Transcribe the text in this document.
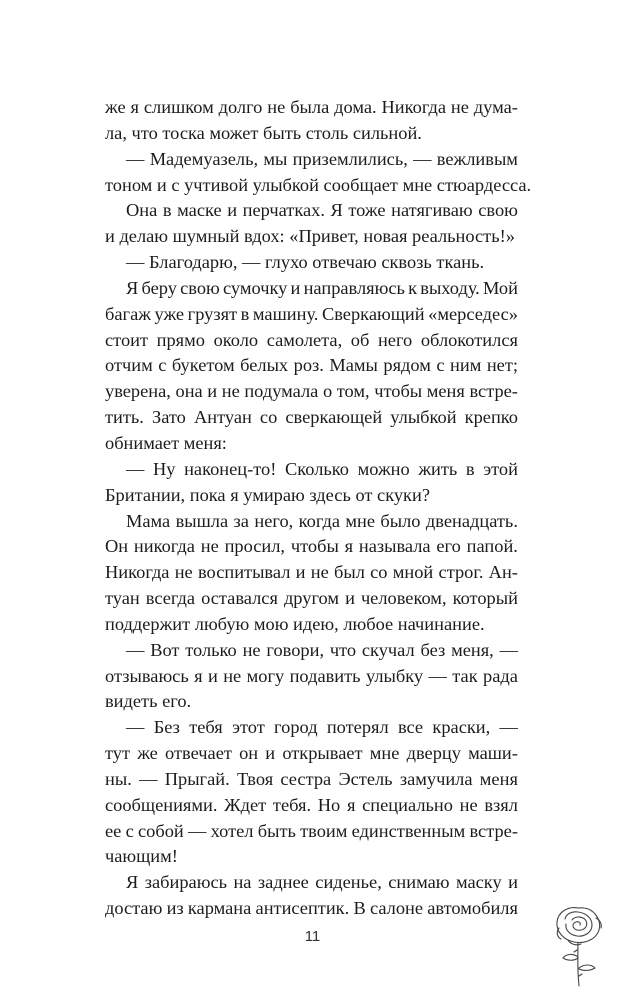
же я слишком долго не была дома. Никогда не дума-
ла, что тоска может быть столь сильной.
— Мадемуазель, мы приземлились, — вежливым
тоном и с учтивой улыбкой сообщает мне стюардесса.
Она в маске и перчатках. Я тоже натягиваю свою
и делаю шумный вдох: «Привет, новая реальность!»
— Благодарю, — глухо отвечаю сквозь ткань.
Я беру свою сумочку и направляюсь к выходу. Мой
багаж уже грузят в машину. Сверкающий «мерседес»
стоит прямо около самолета, об него облокотился
отчим с букетом белых роз. Мамы рядом с ним нет;
уверена, она и не подумала о том, чтобы меня встре-
тить. Зато Антуан со сверкающей улыбкой крепко
обнимает меня:
— Ну наконец-то! Сколько можно жить в этой
Британии, пока я умираю здесь от скуки?
Мама вышла за него, когда мне было двенадцать.
Он никогда не просил, чтобы я называла его папой.
Никогда не воспитывал и не был со мной строг. Ан-
туан всегда оставался другом и человеком, который
поддержит любую мою идею, любое начинание.
— Вот только не говори, что скучал без меня, —
отзываюсь я и не могу подавить улыбку — так рада
видеть его.
— Без тебя этот город потерял все краски, —
тут же отвечает он и открывает мне дверцу маши-
ны. — Прыгай. Твоя сестра Эстель замучила меня
сообщениями. Ждет тебя. Но я специально не взял
ее с собой — хотел быть твоим единственным встре-
чающим!
Я забираюсь на заднее сиденье, снимаю маску и
достаю из кармана антисептик. В салоне автомобиля
11
